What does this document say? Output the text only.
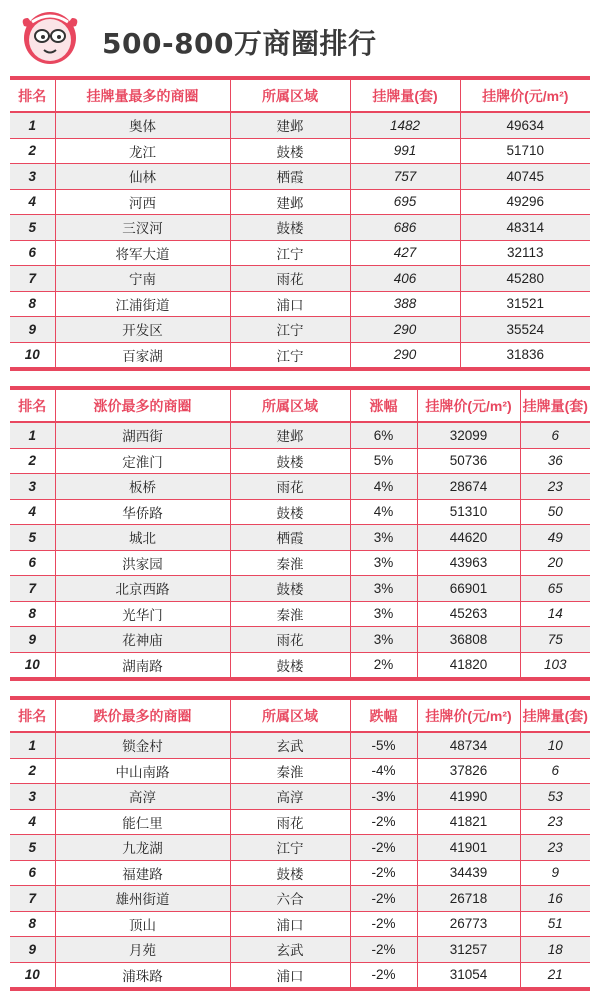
500-800万商圈排行

排名	挂牌量最多的商圈	所属区域	挂牌量(套)	挂牌价(元/m²)
1	奥体	建邺	1482	49634
2	龙江	鼓楼	991	51710
3	仙林	栖霞	757	40745
4	河西	建邺	695	49296
5	三汊河	鼓楼	686	48314
6	将军大道	江宁	427	32113
7	宁南	雨花	406	45280
8	江浦街道	浦口	388	31521
9	开发区	江宁	290	35524
10	百家湖	江宁	290	31836

排名	涨价最多的商圈	所属区域	涨幅	挂牌价(元/m²)	挂牌量(套)
1	湖西街	建邺	6%	32099	6
2	定淮门	鼓楼	5%	50736	36
3	板桥	雨花	4%	28674	23
4	华侨路	鼓楼	4%	51310	50
5	城北	栖霞	3%	44620	49
6	洪家园	秦淮	3%	43963	20
7	北京西路	鼓楼	3%	66901	65
8	光华门	秦淮	3%	45263	14
9	花神庙	雨花	3%	36808	75
10	湖南路	鼓楼	2%	41820	103

排名	跌价最多的商圈	所属区域	跌幅	挂牌价(元/m²)	挂牌量(套)
1	锁金村	玄武	-5%	48734	10
2	中山南路	秦淮	-4%	37826	6
3	高淳	高淳	-3%	41990	53
4	能仁里	雨花	-2%	41821	23
5	九龙湖	江宁	-2%	41901	23
6	福建路	鼓楼	-2%	34439	9
7	雄州街道	六合	-2%	26718	16
8	顶山	浦口	-2%	26773	51
9	月苑	玄武	-2%	31257	18
10	浦珠路	浦口	-2%	31054	21
